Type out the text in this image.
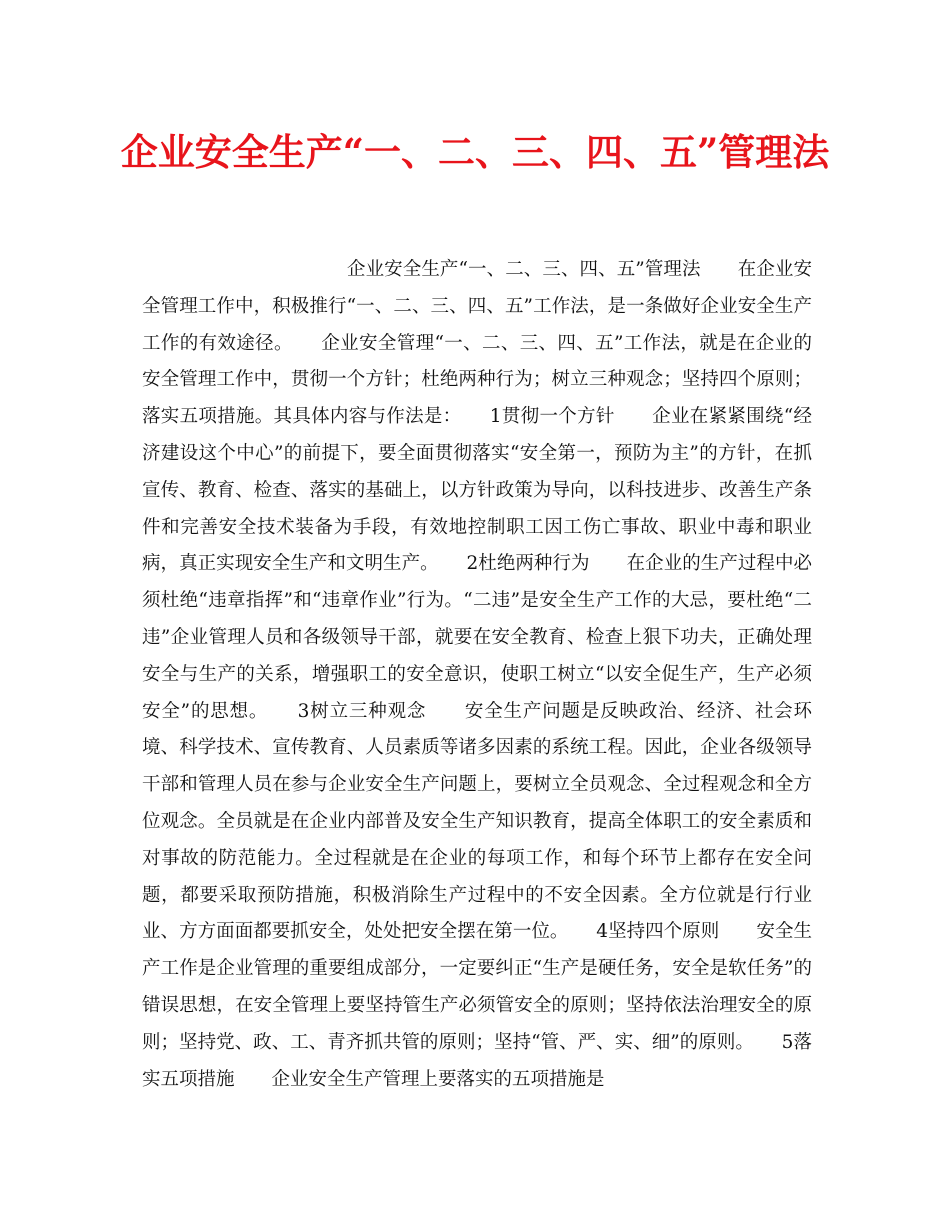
企业安全生产“一、二、三、四、五”管理法

企业安全生产“一、二、三、四、五”管理法　　在企业安全管理工作中，积极推行“一、二、三、四、五”工作法，是一条做好企业安全生产工作的有效途径。　　企业安全管理“一、二、三、四、五”工作法，就是在企业的安全管理工作中，贯彻一个方针；杜绝两种行为；树立三种观念；坚持四个原则；落实五项措施。其具体内容与作法是：　　1贯彻一个方针　　企业在紧紧围绕“经济建设这个中心”的前提下，要全面贯彻落实“安全第一，预防为主”的方针，在抓宣传、教育、检查、落实的基础上，以方针政策为导向，以科技进步、改善生产条件和完善安全技术装备为手段，有效地控制职工因工伤亡事故、职业中毒和职业病，真正实现安全生产和文明生产。　　2杜绝两种行为　　在企业的生产过程中必须杜绝“违章指挥”和“违章作业”行为。“二违”是安全生产工作的大忌，要杜绝“二违”企业管理人员和各级领导干部，就要在安全教育、检查上狠下功夫，正确处理安全与生产的关系，增强职工的安全意识，使职工树立“以安全促生产，生产必须安全”的思想。　　3树立三种观念　　安全生产问题是反映政治、经济、社会环境、科学技术、宣传教育、人员素质等诸多因素的系统工程。因此，企业各级领导干部和管理人员在参与企业安全生产问题上，要树立全员观念、全过程观念和全方位观念。全员就是在企业内部普及安全生产知识教育，提高全体职工的安全素质和对事故的防范能力。全过程就是在企业的每项工作，和每个环节上都存在安全问题，都要采取预防措施，积极消除生产过程中的不安全因素。全方位就是行行业业、方方面面都要抓安全，处处把安全摆在第一位。　　4坚持四个原则　　安全生产工作是企业管理的重要组成部分，一定要纠正“生产是硬任务，安全是软任务”的错误思想，在安全管理上要坚持管生产必须管安全的原则；坚持依法治理安全的原则；坚持党、政、工、青齐抓共管的原则；坚持“管、严、实、细”的原则。　　5落实五项措施　　企业安全生产管理上要落实的五项措施是
